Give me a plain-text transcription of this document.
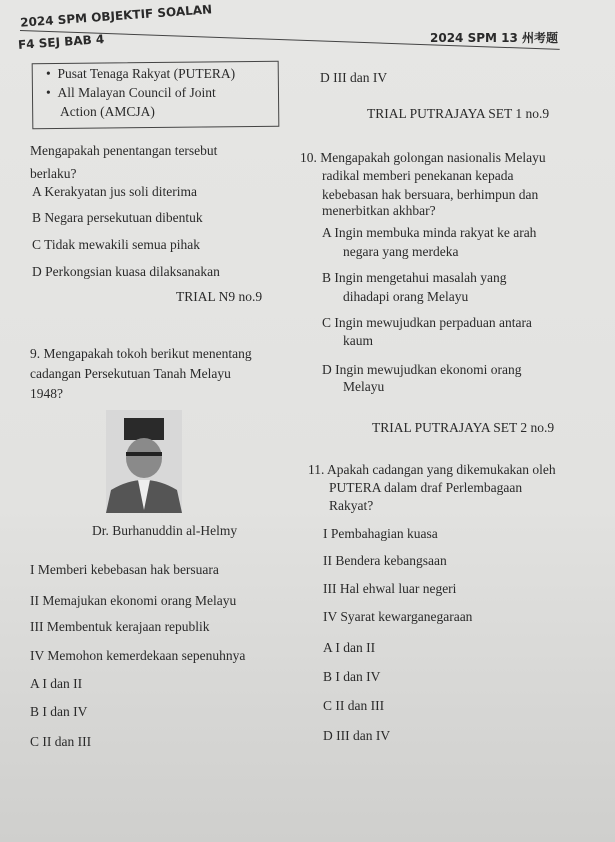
2024 SPM OBJEKTIF SOALAN
F4 SEJ BAB 4	2024 SPM 13 州考题
•  Pusat Tenaga Rakyat (PUTERA)
•  All Malayan Council of Joint
Action (AMCJA)
D III dan IV
TRIAL PUTRAJAYA SET 1 no.9
Mengapakah penentangan tersebut
berlaku?
A Kerakyatan jus soli diterima
B Negara persekutuan dibentuk
C Tidak mewakili semua pihak
D Perkongsian kuasa dilaksanakan
TRIAL N9 no.9
9. Mengapakah tokoh berikut menentang
cadangan Persekutuan Tanah Melayu
1948?
Dr. Burhanuddin al-Helmy
I Memberi kebebasan hak bersuara
II Memajukan ekonomi orang Melayu
III Membentuk kerajaan republik
IV Memohon kemerdekaan sepenuhnya
A I dan II
B I dan IV
C II dan III
10. Mengapakah golongan nasionalis Melayu
radikal memberi penekanan kepada
kebebasan hak bersuara, berhimpun dan
menerbitkan akhbar?
A Ingin membuka minda rakyat ke arah
negara yang merdeka
B Ingin mengetahui masalah yang
dihadapi orang Melayu
C Ingin mewujudkan perpaduan antara
kaum
D Ingin mewujudkan ekonomi orang
Melayu
TRIAL PUTRAJAYA SET 2 no.9
11. Apakah cadangan yang dikemukakan oleh
PUTERA dalam draf Perlembagaan
Rakyat?
I Pembahagian kuasa
II Bendera kebangsaan
III Hal ehwal luar negeri
IV Syarat kewarganegaraan
A I dan II
B I dan IV
C II dan III
D III dan IV
